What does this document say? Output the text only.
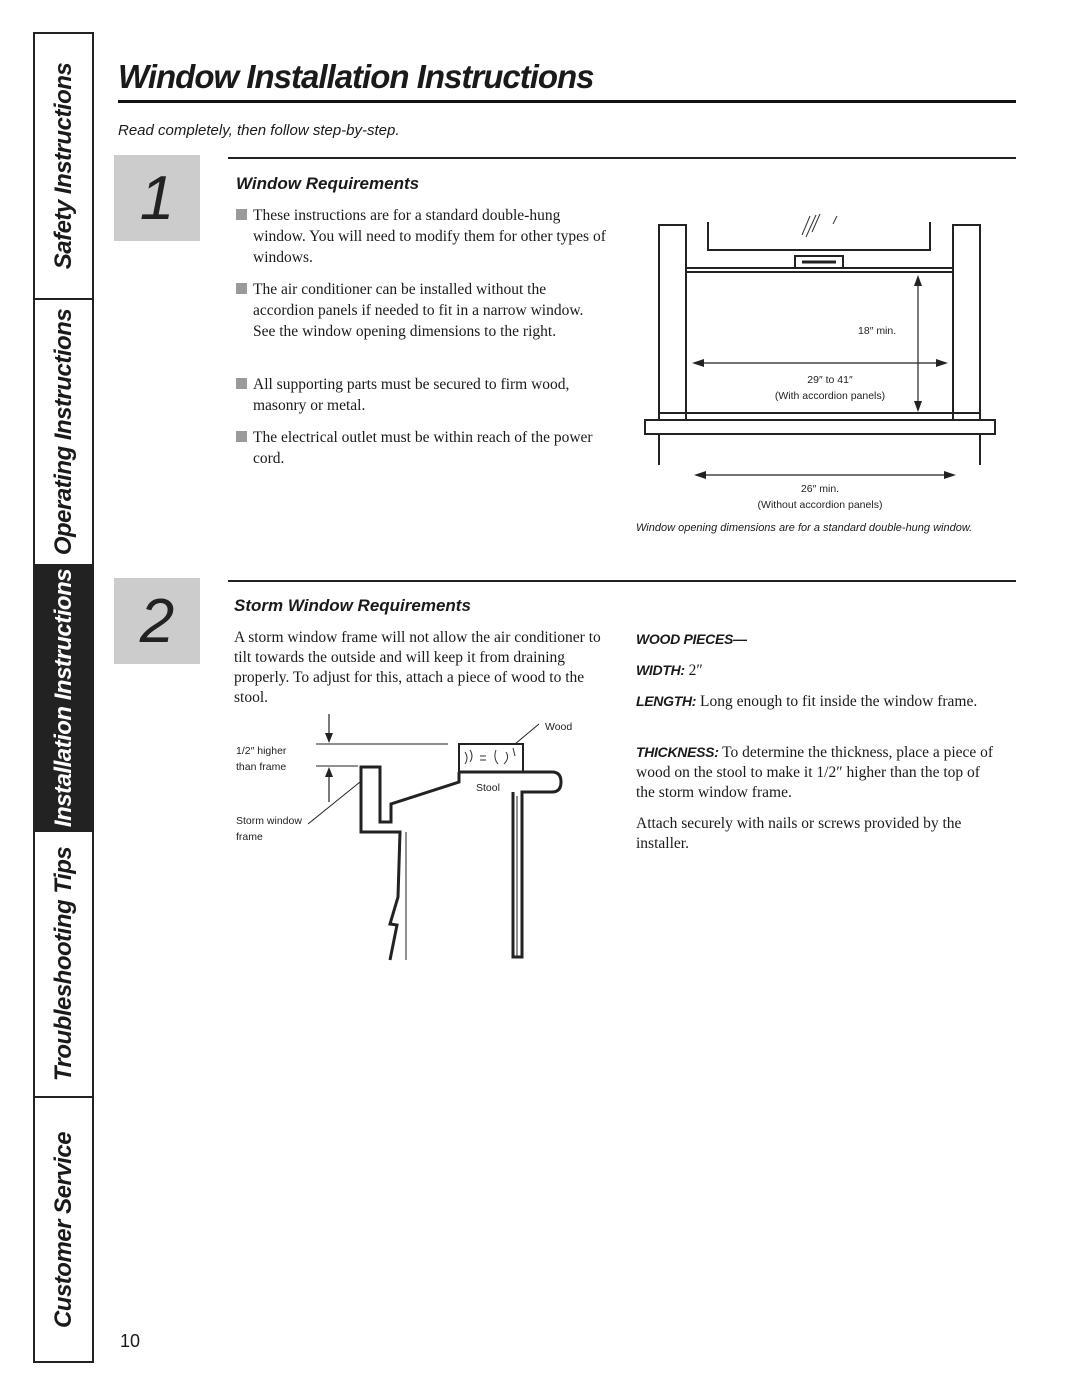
Safety Instructions
Operating Instructions
Installation Instructions
Troubleshooting Tips
Customer Service
Window Installation Instructions
Read completely, then follow step-by-step.
1	Window Requirements
These instructions are for a standard double-hung window. You will need to modify them for other types of windows.
The air conditioner can be installed without the accordion panels if needed to fit in a narrow window. See the window opening dimensions to the right.
All supporting parts must be secured to firm wood, masonry or metal.
The electrical outlet must be within reach of the power cord.
18″ min.
29″ to 41″
(With accordion panels)
26″ min.
(Without accordion panels)
Window opening dimensions are for a standard double-hung window.
2	Storm Window Requirements
A storm window frame will not allow the air conditioner to tilt towards the outside and will keep it from draining properly. To adjust for this, attach a piece of wood to the stool.
Wood
Stool
1/2″ higher
than frame
Storm window
frame
WOOD PIECES—
WIDTH: 2″
LENGTH: Long enough to fit inside the window frame.
THICKNESS: To determine the thickness, place a piece of wood on the stool to make it 1/2″ higher than the top of the storm window frame.
Attach securely with nails or screws provided by the installer.
10
